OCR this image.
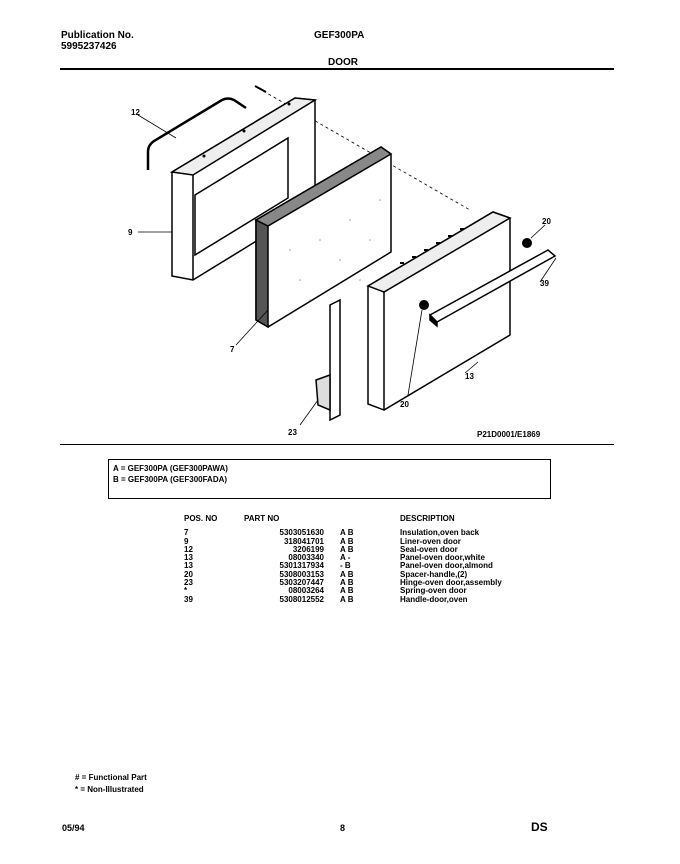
Publication No.
5995237426
GEF300PA
DOOR
12
9
7
20
39
13
20
23	P21D0001/E1869
A = GEF300PA (GEF300PAWA)
B = GEF300PA (GEF300FADA)
POS. NO	PART NO		DESCRIPTION

7	5303051630	A B	Insulation,oven back
9	318041701	A B	Liner-oven door
12	3206199	A B	Seal-oven door
13	08003340	A -	Panel-oven door,white
13	5301317934	- B	Panel-oven door,almond
20	5308003153	A B	Spacer-handle,(2)
23	5303207447	A B	Hinge-oven door,assembly
*	08003264	A B	Spring-oven door
39	5308012552	A B	Handle-door,oven
# = Functional Part
* = Non-Illustrated
05/94	8	DS
